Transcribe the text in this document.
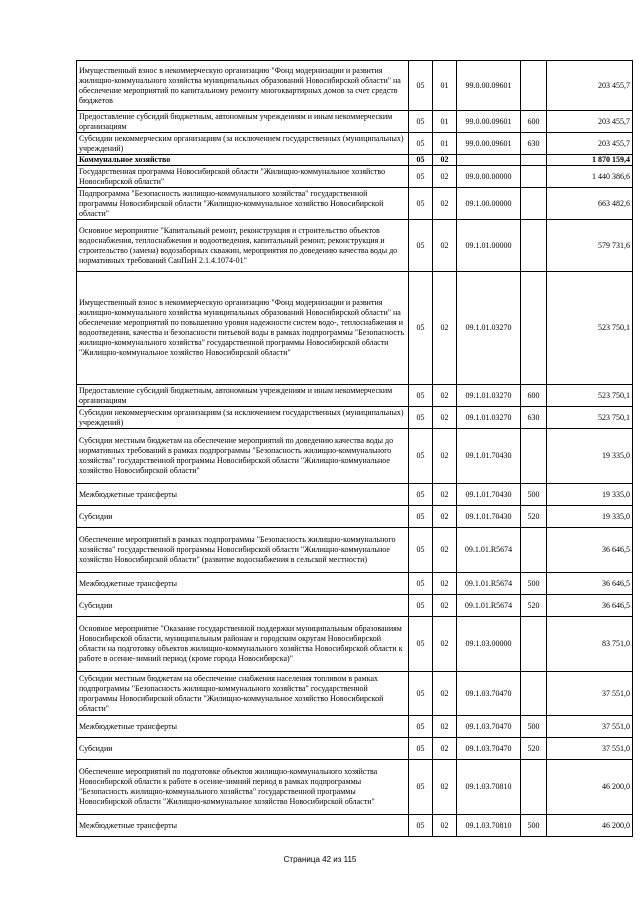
Имущественный взнос в некоммерческую организацию "Фонд модернизации и развития жилищно-коммунального хозяйства муниципальных образований Новосибирской области" на обеспечение мероприятий по капитальному ремонту многоквартирных домов за счет средств бюджетов	05	01	99.0.00.09601		203 455,7
Предоставление субсидий бюджетным, автономным учреждениям и иным некоммерческим организациям	05	01	99.0.00.09601	600	203 455,7
Субсидии некоммерческим организациям (за исключением государственных (муниципальных) учреждений)	05	01	99.0.00.09601	630	203 455,7
Коммунальное хозяйство	05	02			1 870 159,4
Государственная программа Новосибирской области "Жилищно-коммунальное хозяйство Новосибирской области"	05	02	09.0.00.00000		1 440 386,6
Подпрограмма "Безопасность жилищно-коммунального хозяйства" государственной программы Новосибирской области "Жилищно-коммунальное хозяйство Новосибирской области"	05	02	09.1.00.00000		663 482,6
Основное мероприятие "Капитальный ремонт, реконструкция и строительство объектов водоснабжения, теплоснабжения и водоотведения, капитальный ремонт, реконструкция и строительство (замена) водозаборных скважин, мероприятия по доведению качества воды до нормативных требований СанПиН 2.1.4.1074-01"	05	02	09.1.01.00000		579 731,6
Имущественный взнос в некоммерческую организацию "Фонд модернизации и развития жилищно-коммунального хозяйства муниципальных образований Новосибирской области" на обеспечение мероприятий по повышению уровня надежности систем водо-, теплоснабжения и водоотведения, качества и безопасности питьевой воды в рамках подпрограммы "Безопасность жилищно-коммунального хозяйства" государственной программы Новосибирской области "Жилищно-коммунальное хозяйство Новосибирской области"	05	02	09.1.01.03270		523 750,1
Предоставление субсидий бюджетным, автономным учреждениям и иным некоммерческим организациям	05	02	09.1.01.03270	600	523 750,1
Субсидии некоммерческим организациям (за исключением государственных (муниципальных) учреждений)	05	02	09.1.01.03270	630	523 750,1
Субсидии местным бюджетам на обеспечение мероприятий по доведению качества воды до нормативных требований в рамках подпрограммы "Безопасность жилищно-коммунального хозяйства" государственной программы Новосибирской области "Жилищно-коммунальное хозяйство Новосибирской области"	05	02	09.1.01.70430		19 335,0
Межбюджетные трансферты	05	02	09.1.01.70430	500	19 335,0
Субсидии	05	02	09.1.01.70430	520	19 335,0
Обеспечение мероприятий в рамках подпрограммы "Безопасность жилищно-коммунального хозяйства" государственной программы Новосибирской области "Жилищно-коммунальное хозяйство Новосибирской области" (развитие водоснабжения в сельской местности)	05	02	09.1.01.R5674		36 646,5
Межбюджетные трансферты	05	02	09.1.01.R5674	500	36 646,5
Субсидии	05	02	09.1.01.R5674	520	36 646,5
Основное мероприятие "Оказание государственной поддержки муниципальным образованиям Новосибирской области, муниципальным районам и городским округам Новосибирской области на подготовку объектов жилищно-коммунального хозяйства Новосибирской области к работе в осенне-зимний период (кроме города Новосибирска)"	05	02	09.1.03.00000		83 751,0
Субсидии местным бюджетам на обеспечение снабжения населения топливом в рамках подпрограммы "Безопасность жилищно-коммунального хозяйства" государственной программы Новосибирской области "Жилищно-коммунальное хозяйство Новосибирской области"	05	02	09.1.03.70470		37 551,0
Межбюджетные трансферты	05	02	09.1.03.70470	500	37 551,0
Субсидии	05	02	09.1.03.70470	520	37 551,0
Обеспечение мероприятий по подготовке объектов жилищно-коммунального хозяйства Новосибирской области к работе в осенне-зимний период в рамках подпрограммы "Безопасность жилищно-коммунального хозяйства" государственной программы Новосибирской области "Жилищно-коммунальное хозяйство Новосибирской области"	05	02	09.1.03.70810		46 200,0
Межбюджетные трансферты	05	02	09.1.03.70810	500	46 200,0
Страница 42 из 115
